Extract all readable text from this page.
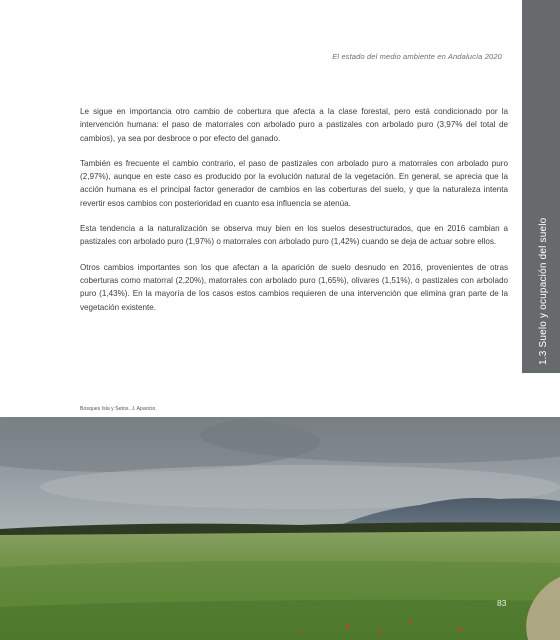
El estado del medio ambiente en Andalucía 2020
1.3 Suelo y ocupación del suelo

Le sigue en importancia otro cambio de cobertura que afecta a la clase forestal, pero está condicionado por la intervención humana: el paso de matorrales con arbolado puro a pastizales con arbolado puro (3,97% del total de cambios), ya sea por desbroce o por efecto del ganado.

También es frecuente el cambio contrario, el paso de pastizales con arbolado puro a matorrales con arbolado puro (2,97%), aunque en este caso es producido por la evolución natural de la vegetación. En general, se aprecia que la acción humana es el principal factor generador de cambios en las coberturas del suelo, y que la naturaleza intenta revertir esos cambios con posterioridad en cuanto esa influencia se atenúa.

Esta tendencia a la naturalización se observa muy bien en los suelos desestructurados, que en 2016 cambian a pastizales con arbolado puro (1,97%) o matorrales con arbolado puro (1,42%) cuando se deja de actuar sobre ellos.

Otros cambios importantes son los que afectan a la aparición de suelo desnudo en 2016, provenientes de otras coberturas como matorral (2,20%), matorrales con arbolado puro (1,65%), olivares (1,51%), o pastizales con arbolado puro (1,43%). En la mayoría de los casos estos cambios requieren de una intervención que elimina gran parte de la vegetación existente.

Bosques Isla y Setos. J. Aparicio.
83
